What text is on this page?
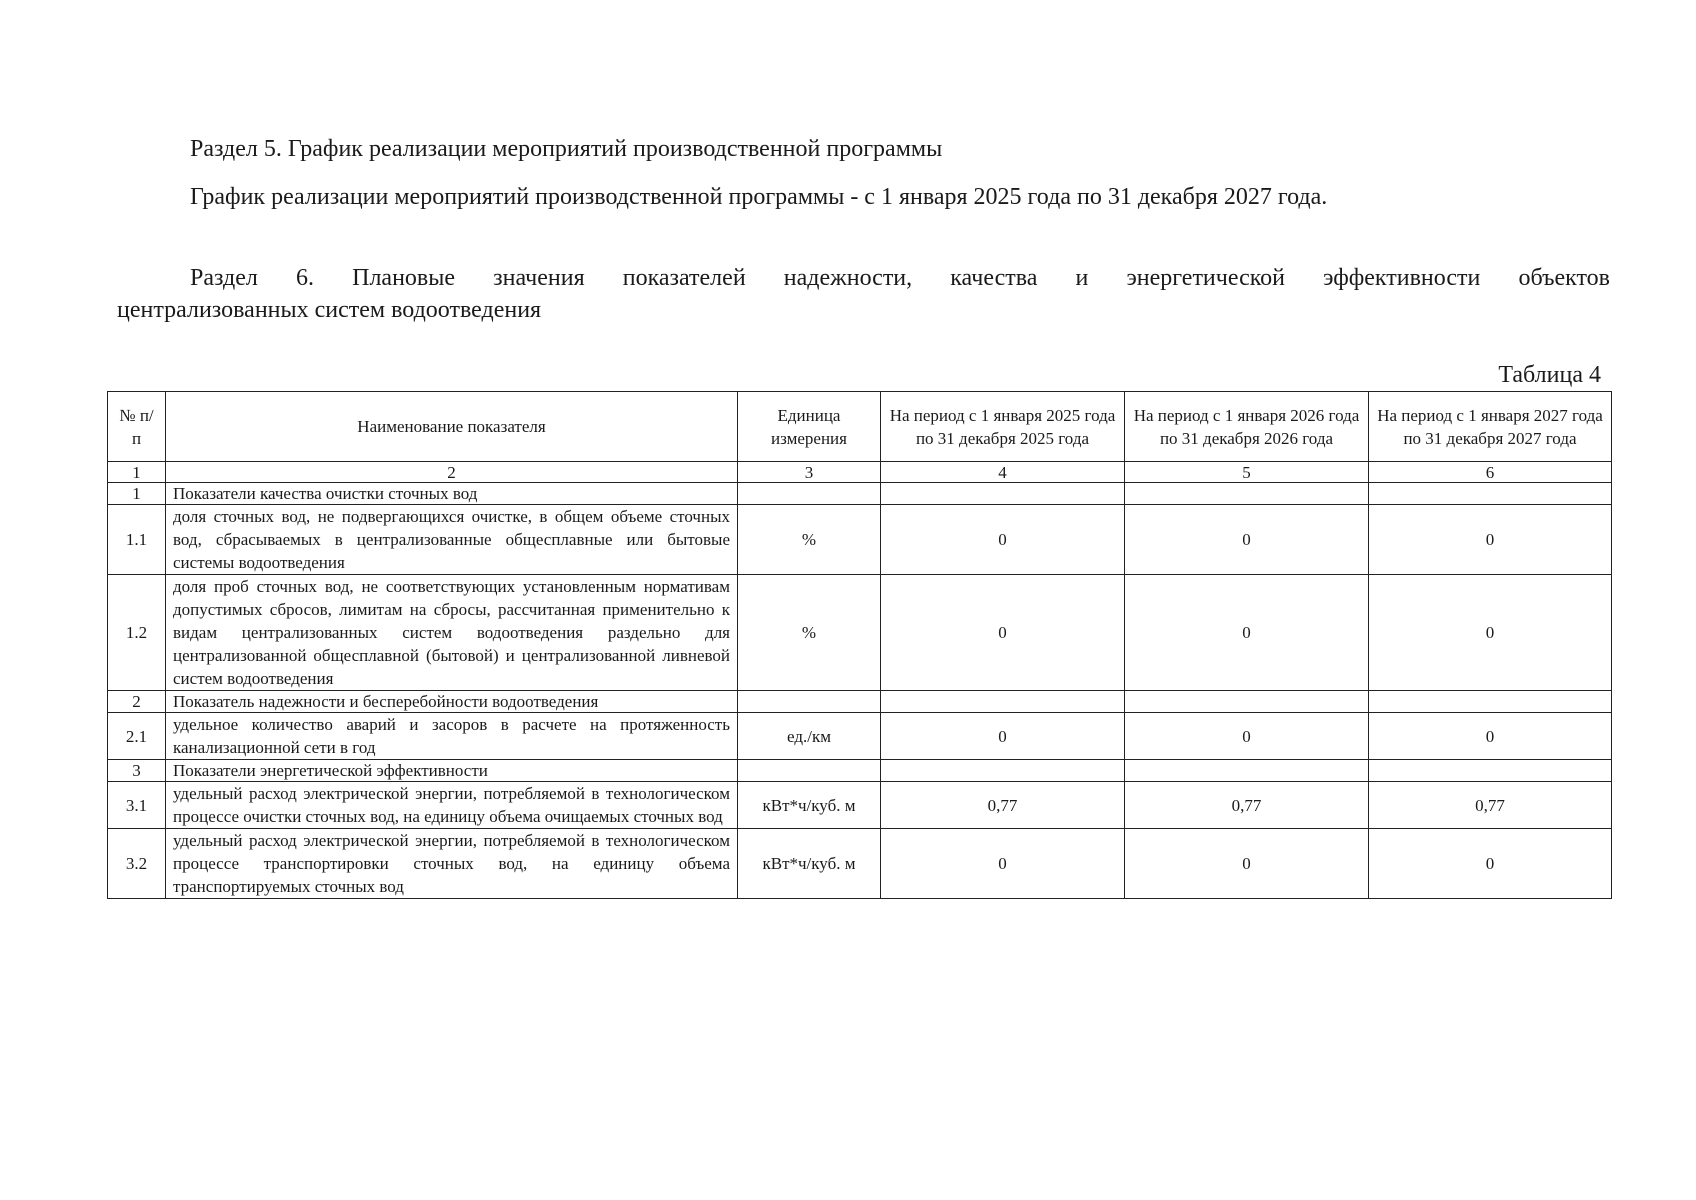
Раздел 5. График реализации мероприятий производственной программы
График реализации мероприятий производственной программы - с 1 января 2025 года по 31 декабря 2027 года.
Раздел 6. Плановые значения показателей надежности, качества и энергетической эффективности объектов
централизованных систем водоотведения
Таблица 4
№ п/п	Наименование показателя	Единица измерения	На период с 1 января 2025 года по 31 декабря 2025 года	На период с 1 января 2026 года по 31 декабря 2026 года	На период с 1 января 2027 года по 31 декабря 2027 года
1	2	3	4	5	6
1	Показатели качества очистки сточных вод				
1.1	доля сточных вод, не подвергающихся очистке, в общем объеме сточных вод, сбрасываемых в централизованные общесплавные или бытовые системы водоотведения	%	0	0	0
1.2	доля проб сточных вод, не соответствующих установленным нормативам допустимых сбросов, лимитам на сбросы, рассчитанная применительно к видам централизованных систем водоотведения раздельно для централизованной общесплавной (бытовой) и централизованной ливневой систем водоотведения	%	0	0	0
2	Показатель надежности и бесперебойности водоотведения				
2.1	удельное количество аварий и засоров в расчете на протяженность канализационной сети в год	ед./км	0	0	0
3	Показатели энергетической эффективности				
3.1	удельный расход электрической энергии, потребляемой в технологическом процессе очистки сточных вод, на единицу объема очищаемых сточных вод	кВт*ч/куб. м	0,77	0,77	0,77
3.2	удельный расход электрической энергии, потребляемой в технологическом процессе транспортировки сточных вод, на единицу объема транспортируемых сточных вод	кВт*ч/куб. м	0	0	0
